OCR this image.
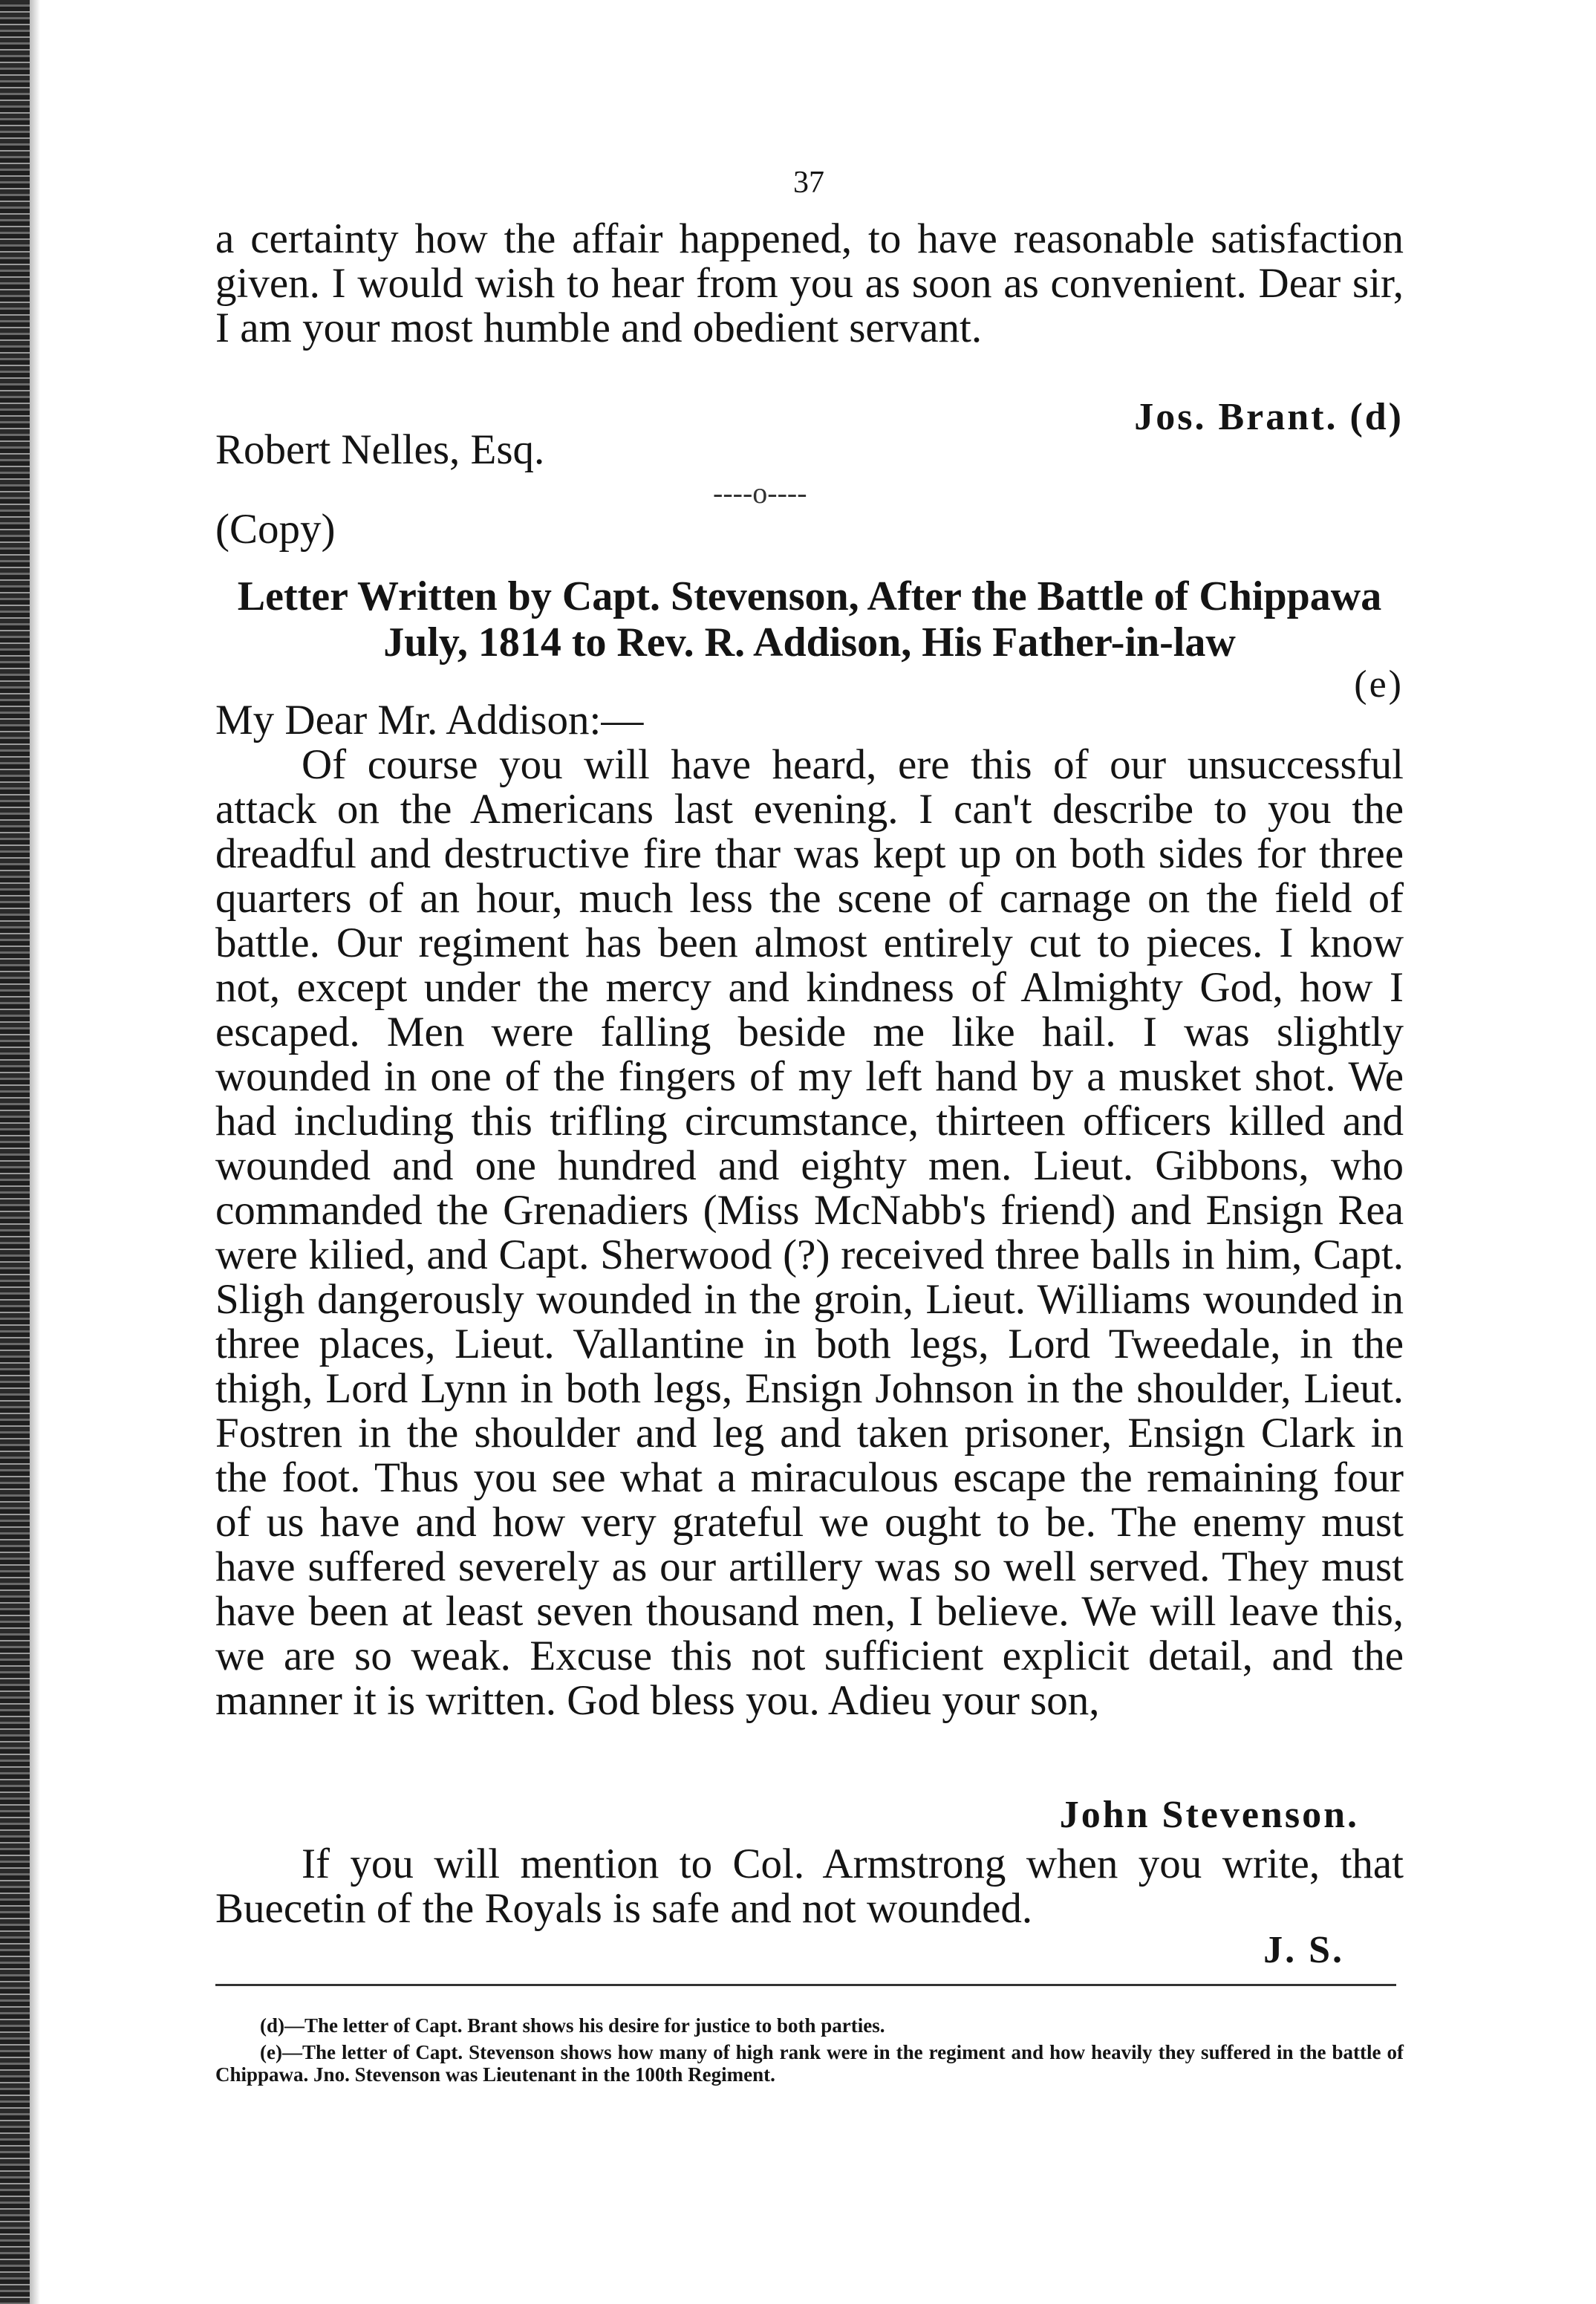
37

a certainty how the affair happened, to have reasonable satisfaction given. I would wish to hear from you as soon as convenient. Dear sir, I am your most humble and obedient servant.

Jos. Brant. (d)
Robert Nelles, Esq.
----o----
(Copy)
Letter Written by Capt. Stevenson, After the Battle of Chippawa
July, 1814 to Rev. R. Addison, His Father-in-law
(e)
My Dear Mr. Addison:—

Of course you will have heard, ere this of our unsuccessful attack on the Americans last evening. I can't describe to you the dreadful and destructive fire thar was kept up on both sides for three quarters of an hour, much less the scene of carnage on the field of battle. Our regiment has been almost entirely cut to pieces. I know not, except under the mercy and kindness of Almighty God, how I escaped. Men were falling beside me like hail. I was slightly wounded in one of the fingers of my left hand by a musket shot. We had including this trifling circumstance, thirteen officers killed and wounded and one hundred and eighty men. Lieut. Gibbons, who commanded the Grenadiers (Miss McNabb's friend) and Ensign Rea were kilied, and Capt. Sherwood (?) received three balls in him, Capt. Sligh dangerously wounded in the groin, Lieut. Williams wounded in three places, Lieut. Vallantine in both legs, Lord Tweedale, in the thigh, Lord Lynn in both legs, Ensign Johnson in the shoulder, Lieut. Fostren in the shoulder and leg and taken prisoner, Ensign Clark in the foot. Thus you see what a miraculous escape the remaining four of us have and how very grateful we ought to be. The enemy must have suffered severely as our artillery was so well served. They must have been at least seven thousand men, I believe. We will leave this, we are so weak. Excuse this not sufficient explicit detail, and the manner it is written. God bless you. Adieu your son,

John Stevenson.

If you will mention to Col. Armstrong when you write, that Buecetin of the Royals is safe and not wounded.

J. S.

(d)—The letter of Capt. Brant shows his desire for justice to both parties.

(e)—The letter of Capt. Stevenson shows how many of high rank were in the regiment and how heavily they suffered in the battle of Chippawa. Jno. Stevenson was Lieutenant in the 100th Regiment.
